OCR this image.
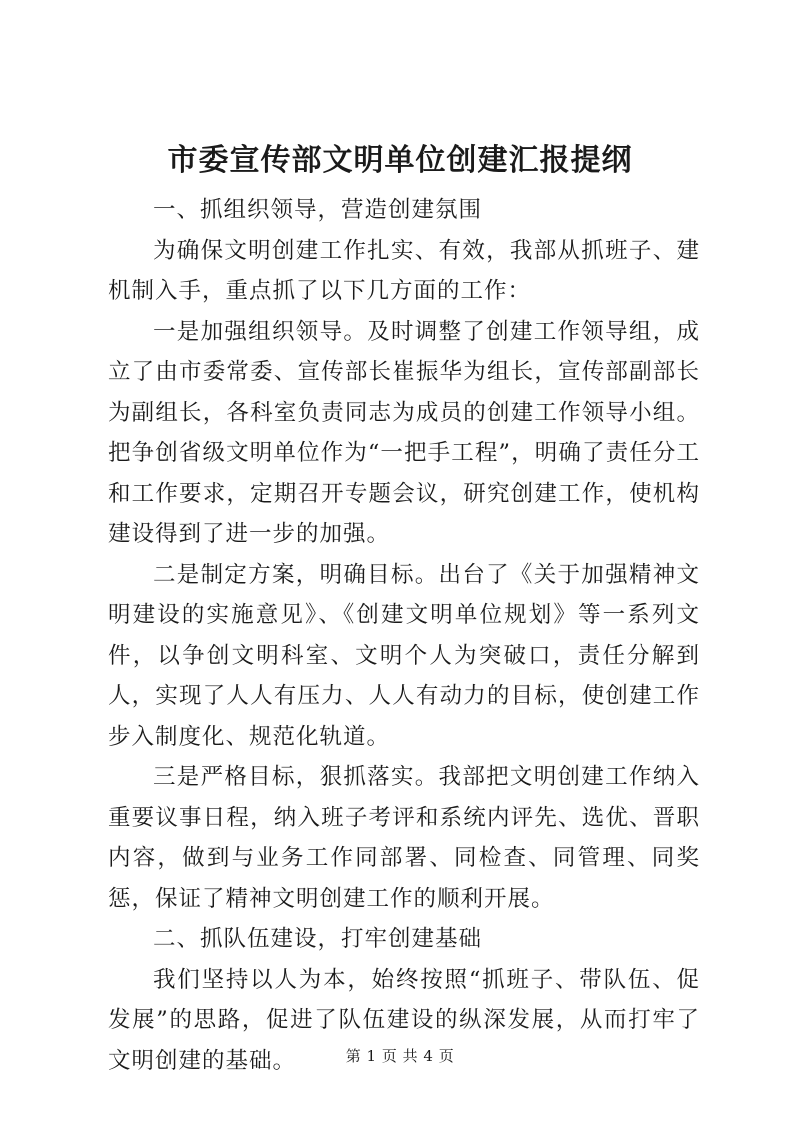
市委宣传部文明单位创建汇报提纲

一、抓组织领导，营造创建氛围

为确保文明创建工作扎实、有效，我部从抓班子、建机制入手，重点抓了以下几方面的工作：

一是加强组织领导。及时调整了创建工作领导组，成立了由市委常委、宣传部长崔振华为组长，宣传部副部长为副组长，各科室负责同志为成员的创建工作领导小组。把争创省级文明单位作为“一把手工程”，明确了责任分工和工作要求，定期召开专题会议，研究创建工作，使机构建设得到了进一步的加强。

二是制定方案，明确目标。出台了《关于加强精神文明建设的实施意见》、《创建文明单位规划》等一系列文件，以争创文明科室、文明个人为突破口，责任分解到人，实现了人人有压力、人人有动力的目标，使创建工作步入制度化、规范化轨道。

三是严格目标，狠抓落实。我部把文明创建工作纳入重要议事日程，纳入班子考评和系统内评先、选优、晋职内容，做到与业务工作同部署、同检查、同管理、同奖惩，保证了精神文明创建工作的顺利开展。

二、抓队伍建设，打牢创建基础

我们坚持以人为本，始终按照“抓班子、带队伍、促发展”的思路，促进了队伍建设的纵深发展，从而打牢了文明创建的基础。	第 1 页 共 4 页
